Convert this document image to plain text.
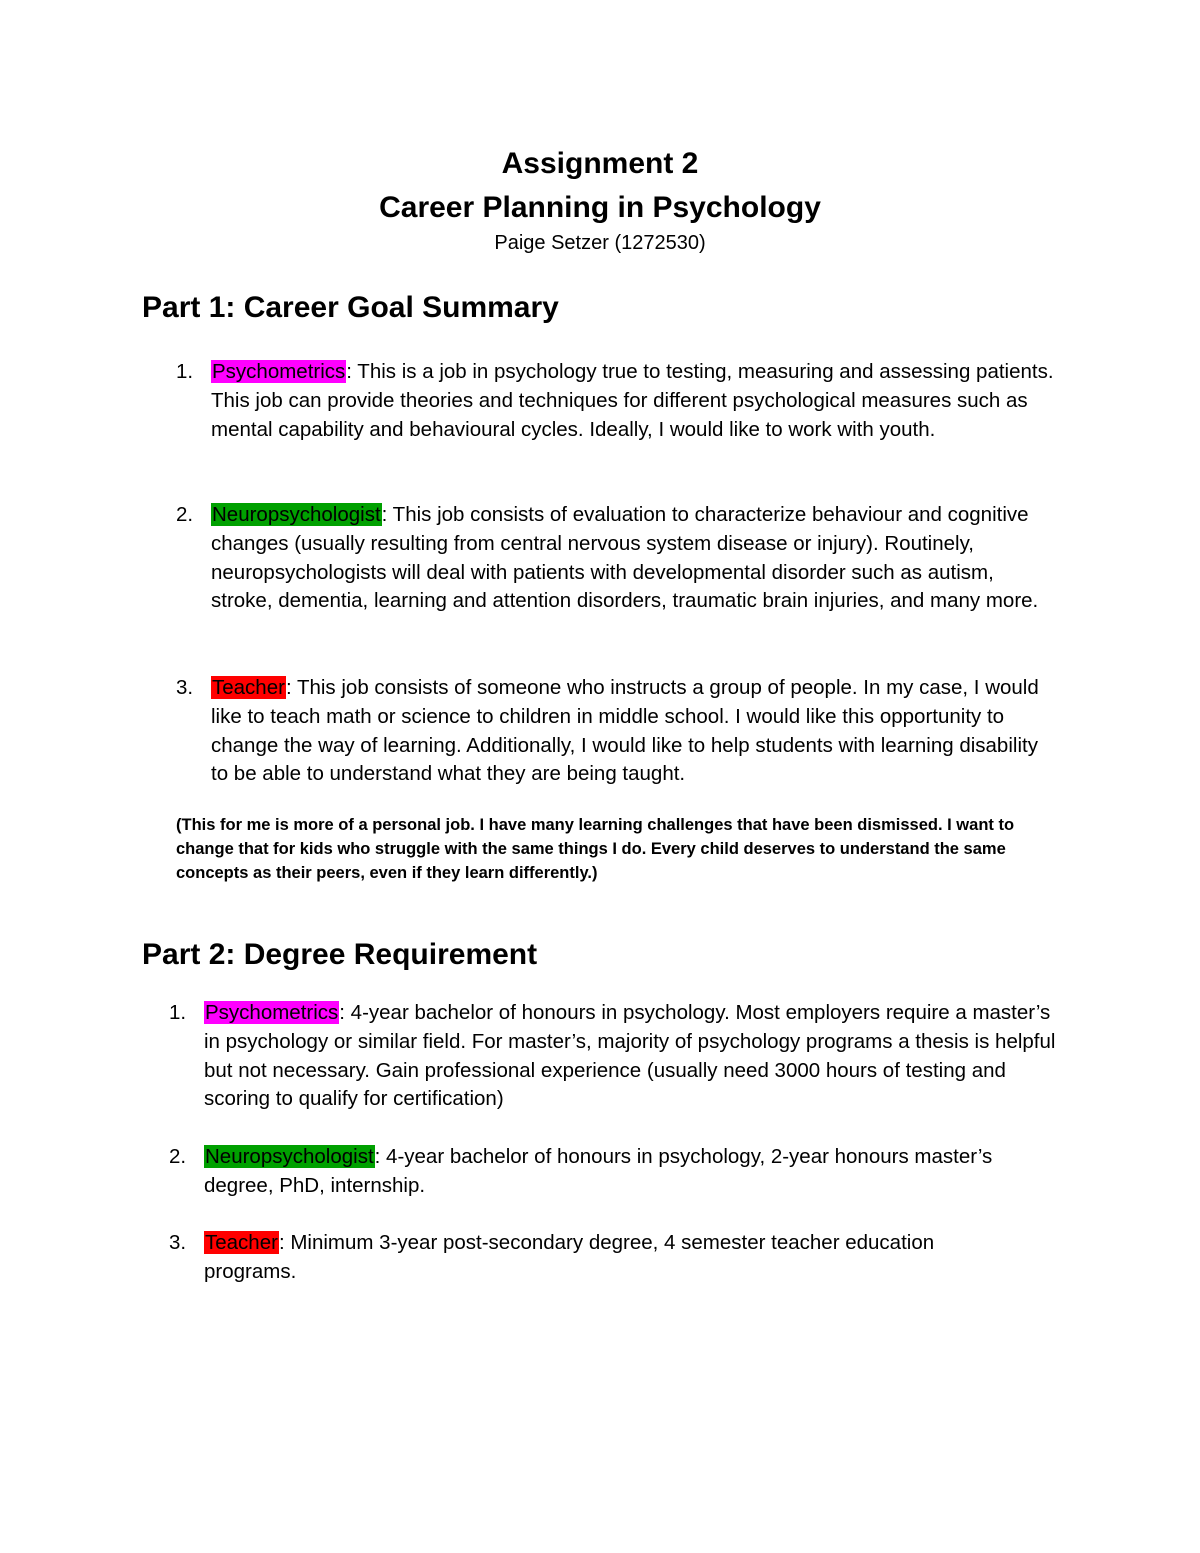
Assignment 2
Career Planning in Psychology
Paige Setzer (1272530)
Part 1: Career Goal Summary
1. Psychometrics: This is a job in psychology true to testing, measuring and assessing patients. This job can provide theories and techniques for different psychological measures such as mental capability and behavioural cycles. Ideally, I would like to work with youth.
2. Neuropsychologist: This job consists of evaluation to characterize behaviour and cognitive changes (usually resulting from central nervous system disease or injury). Routinely, neuropsychologists will deal with patients with developmental disorder such as autism, stroke, dementia, learning and attention disorders, traumatic brain injuries, and many more.
3. Teacher: This job consists of someone who instructs a group of people. In my case, I would like to teach math or science to children in middle school. I would like this opportunity to change the way of learning. Additionally, I would like to help students with learning disability to be able to understand what they are being taught.

(This for me is more of a personal job. I have many learning challenges that have been dismissed. I want to change that for kids who struggle with the same things I do. Every child deserves to understand the same concepts as their peers, even if they learn differently.)

Part 2: Degree Requirement
1. Psychometrics: 4-year bachelor of honours in psychology. Most employers require a master’s in psychology or similar field. For master’s, majority of psychology programs a thesis is helpful but not necessary. Gain professional experience (usually need 3000 hours of testing and scoring to qualify for certification)
2. Neuropsychologist: 4-year bachelor of honours in psychology, 2-year honours master’s degree, PhD, internship.
3. Teacher: Minimum 3-year post-secondary degree, 4 semester teacher education programs.
